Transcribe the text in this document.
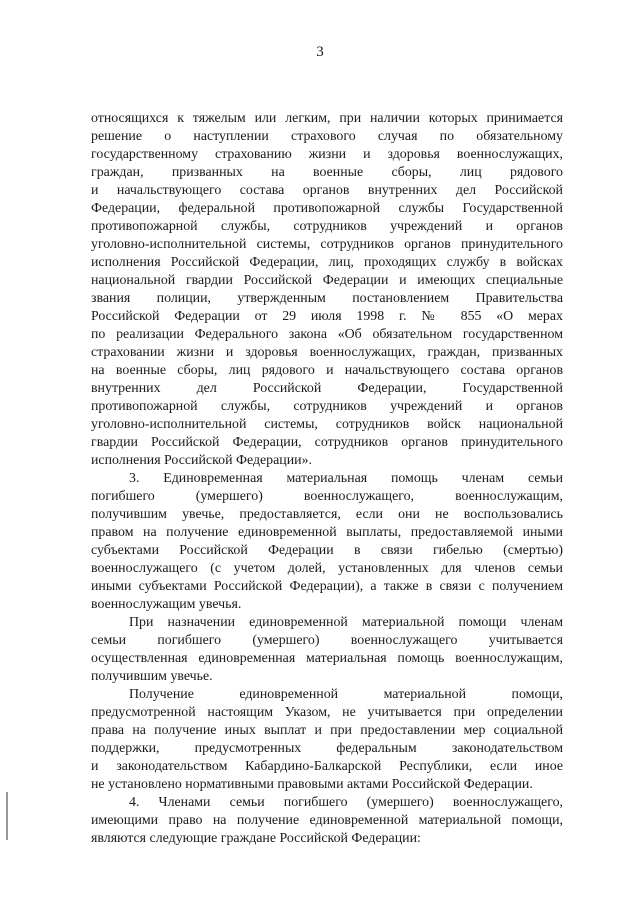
3
относящихся к тяжелым или легким, при наличии которых принимается
решение о наступлении страхового случая по обязательному
государственному страхованию жизни и здоровья военнослужащих,
граждан, призванных на военные сборы, лиц рядового
и начальствующего состава органов внутренних дел Российской
Федерации, федеральной противопожарной службы Государственной
противопожарной службы, сотрудников учреждений и органов
уголовно-исполнительной системы, сотрудников органов принудительного
исполнения Российской Федерации, лиц, проходящих службу в войсках
национальной гвардии Российской Федерации и имеющих специальные
звания полиции, утвержденным постановлением Правительства
Российской Федерации от 29 июля 1998 г. № 855 «О мерах
по реализации Федерального закона «Об обязательном государственном
страховании жизни и здоровья военнослужащих, граждан, призванных
на военные сборы, лиц рядового и начальствующего состава органов
внутренних дел Российской Федерации, Государственной
противопожарной службы, сотрудников учреждений и органов
уголовно-исполнительной системы, сотрудников войск национальной
гвардии Российской Федерации, сотрудников органов принудительного
исполнения Российской Федерации».
3. Единовременная материальная помощь членам семьи
погибшего (умершего) военнослужащего, военнослужащим,
получившим увечье, предоставляется, если они не воспользовались
правом на получение единовременной выплаты, предоставляемой иными
субъектами Российской Федерации в связи гибелью (смертью)
военнослужащего (с учетом долей, установленных для членов семьи
иными субъектами Российской Федерации), а также в связи с получением
военнослужащим увечья.
При назначении единовременной материальной помощи членам
семьи погибшего (умершего) военнослужащего учитывается
осуществленная единовременная материальная помощь военнослужащим,
получившим увечье.
Получение единовременной материальной помощи,
предусмотренной настоящим Указом, не учитывается при определении
права на получение иных выплат и при предоставлении мер социальной
поддержки, предусмотренных федеральным законодательством
и законодательством Кабардино-Балкарской Республики, если иное
не установлено нормативными правовыми актами Российской Федерации.
4. Членами семьи погибшего (умершего) военнослужащего,
имеющими право на получение единовременной материальной помощи,
являются следующие граждане Российской Федерации:
